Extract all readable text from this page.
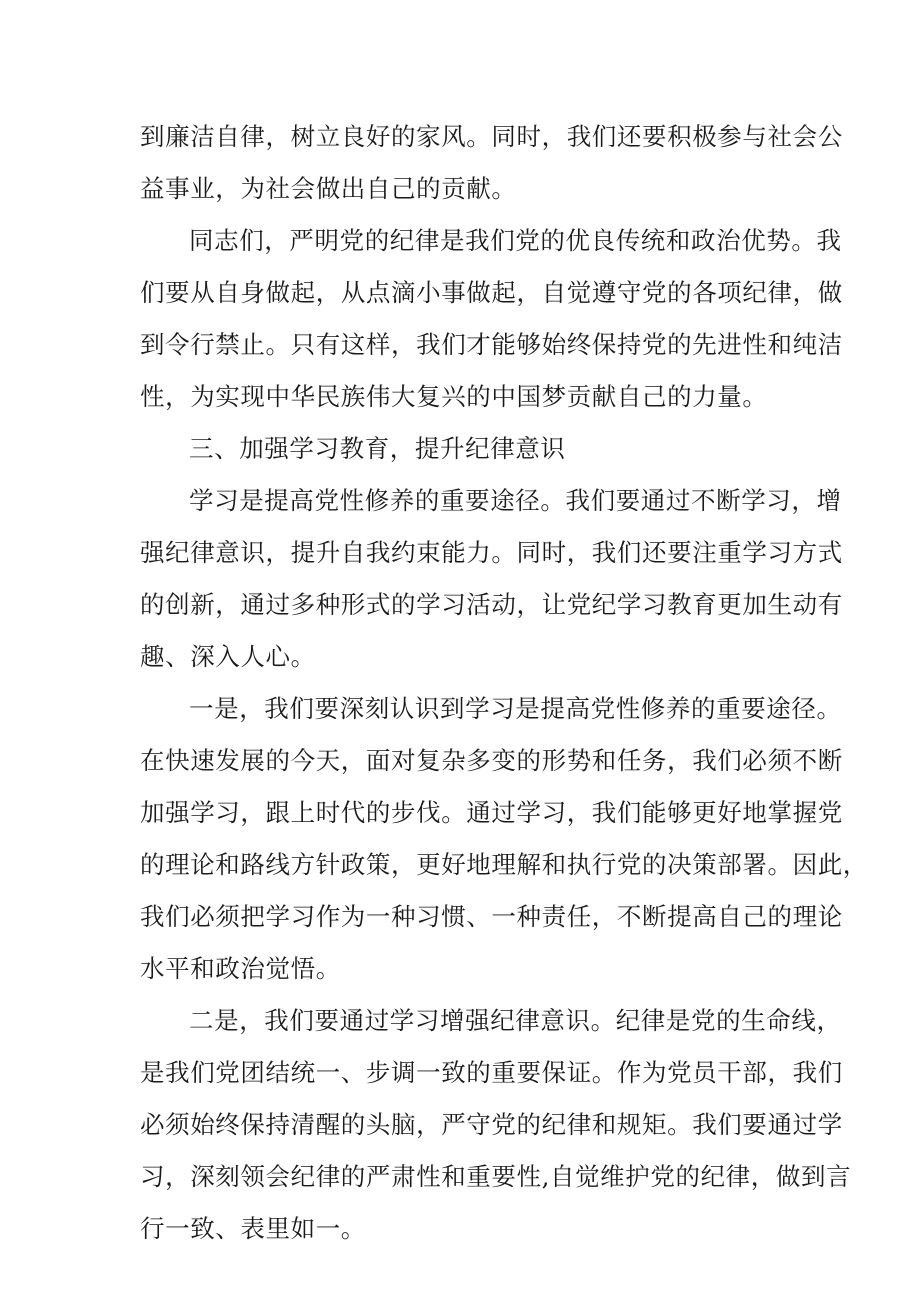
到廉洁自律，树立良好的家风。同时，我们还要积极参与社会公
益事业，为社会做出自己的贡献。
同志们，严明党的纪律是我们党的优良传统和政治优势。我
们要从自身做起，从点滴小事做起，自觉遵守党的各项纪律，做
到令行禁止。只有这样，我们才能够始终保持党的先进性和纯洁
性，为实现中华民族伟大复兴的中国梦贡献自己的力量。
三、加强学习教育，提升纪律意识
学习是提高党性修养的重要途径。我们要通过不断学习，增
强纪律意识，提升自我约束能力。同时，我们还要注重学习方式
的创新，通过多种形式的学习活动，让党纪学习教育更加生动有
趣、深入人心。
一是，我们要深刻认识到学习是提高党性修养的重要途径。
在快速发展的今天，面对复杂多变的形势和任务，我们必须不断
加强学习，跟上时代的步伐。通过学习，我们能够更好地掌握党
的理论和路线方针政策，更好地理解和执行党的决策部署。因此，
我们必须把学习作为一种习惯、一种责任，不断提高自己的理论
水平和政治觉悟。
二是，我们要通过学习增强纪律意识。纪律是党的生命线，
是我们党团结统一、步调一致的重要保证。作为党员干部，我们
必须始终保持清醒的头脑，严守党的纪律和规矩。我们要通过学
习，深刻领会纪律的严肃性和重要性,自觉维护党的纪律，做到言
行一致、表里如一。
